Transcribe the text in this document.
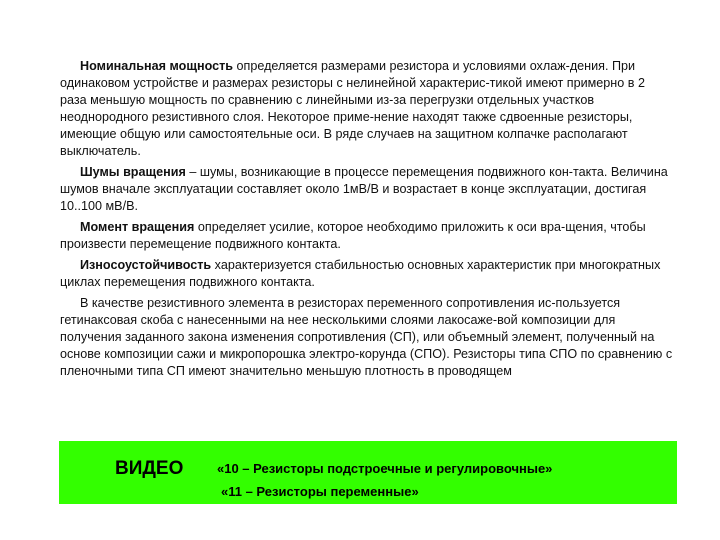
Номинальная мощность определяется размерами резистора и условиями охлаж-дения. При одинаковом устройстве и размерах резисторы с нелинейной характерис-тикой имеют примерно в 2 раза меньшую мощность по сравнению с линейными из-за перегрузки отдельных участков неоднородного резистивного слоя. Некоторое приме-нение находят также сдвоенные резисторы, имеющие общую или самостоятельные оси. В ряде случаев на защитном колпачке располагают выключатель.

Шумы вращения – шумы, возникающие в процессе перемещения подвижного кон-такта. Величина шумов вначале эксплуатации составляет около 1мВ/В и возрастает в конце эксплуатации, достигая 10..100 мВ/В.

Момент вращения определяет усилие, которое необходимо приложить к оси вра-щения, чтобы произвести перемещение подвижного контакта.

Износоустойчивость характеризуется стабильностью основных характеристик при многократных циклах перемещения подвижного контакта.

В качестве резистивного элемента в резисторах переменного сопротивления ис-пользуется гетинаксовая скоба с нанесенными на нее несколькими слоями лакосаже-вой композиции для получения заданного закона изменения сопротивления (СП), или объемный элемент, полученный на основе композиции сажи и микропорошка электро-корунда (СПО). Резисторы типа СПО по сравнению с пленочными типа СП имеют значительно меньшую плотность в проводящем

ВИДЕО	«10 – Резисторы подстроечные и регулировочные»
«11 – Резисторы переменные»
